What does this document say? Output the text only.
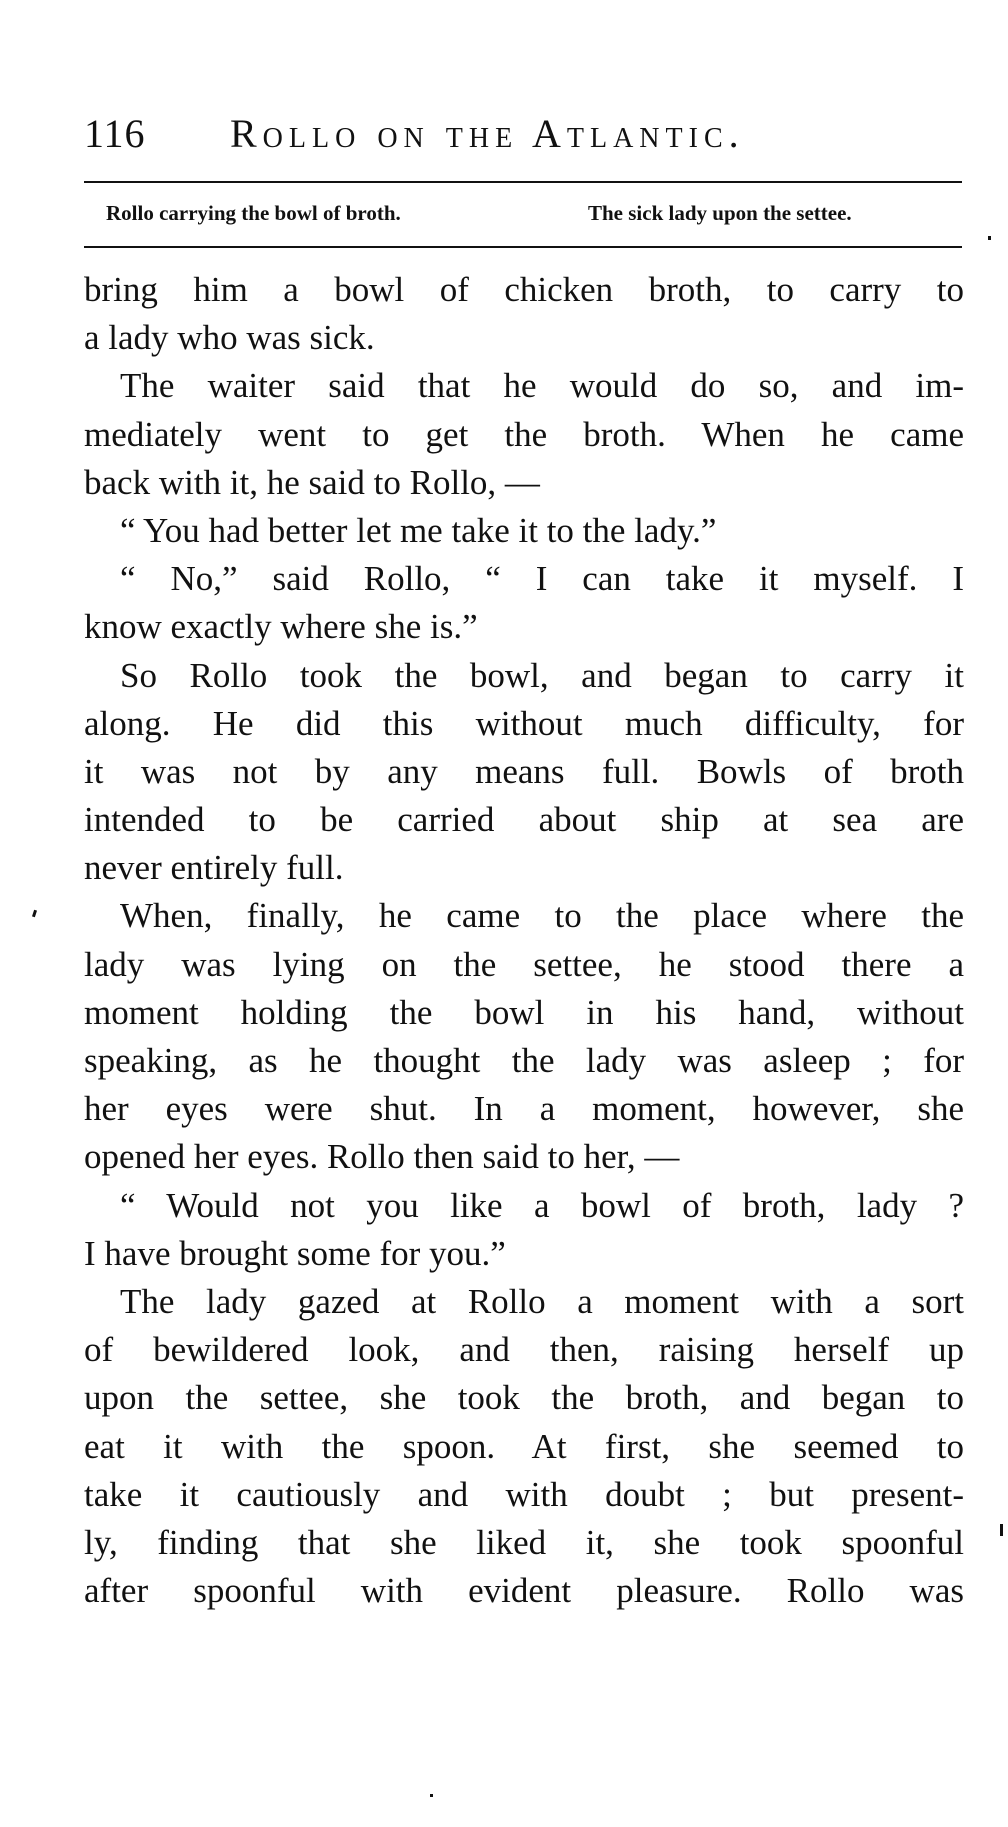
116 Rollo on the Atlantic.
Rollo carrying the bowl of broth.	The sick lady upon the settee.
bring him a bowl of chicken broth, to carry to
a lady who was sick.
The waiter said that he would do so, and im-
mediately went to get the broth. When he came
back with it, he said to Rollo, —
“ You had better let me take it to the lady.”
“ No,” said Rollo, “ I can take it myself. I
know exactly where she is.”
So Rollo took the bowl, and began to carry it
along. He did this without much difficulty, for
it was not by any means full. Bowls of broth
intended to be carried about ship at sea are
never entirely full.
When, finally, he came to the place where the
lady was lying on the settee, he stood there a
moment holding the bowl in his hand, without
speaking, as he thought the lady was asleep ; for
her eyes were shut. In a moment, however, she
opened her eyes. Rollo then said to her, —
“ Would not you like a bowl of broth, lady ?
I have brought some for you.”
The lady gazed at Rollo a moment with a sort
of bewildered look, and then, raising herself up
upon the settee, she took the broth, and began to
eat it with the spoon. At first, she seemed to
take it cautiously and with doubt ; but present-
ly, finding that she liked it, she took spoonful
after spoonful with evident pleasure. Rollo was
